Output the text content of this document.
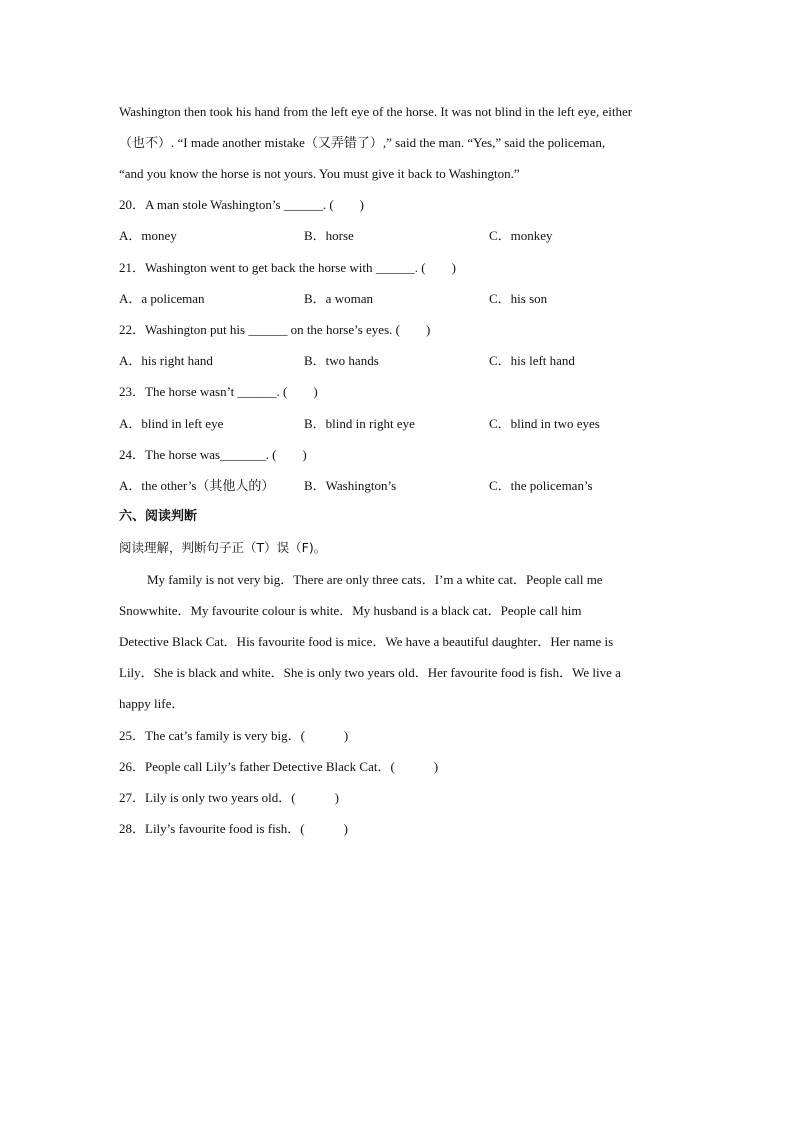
Washington then took his hand from the left eye of the horse. It was not blind in the left eye, either
（也不）. “I made another mistake（又弄错了）,” said the man. “Yes,” said the policeman,
“and you know the horse is not yours. You must give it back to Washington.”
20．A man stole Washington’s ______. (　　)
A．money	B．horse	C．monkey
21．Washington went to get back the horse with ______. (　　)
A．a policeman	B．a woman	C．his son
22．Washington put his ______ on the horse’s eyes. (　　)
A．his right hand	B．two hands	C．his left hand
23．The horse wasn’t ______. (　　)
A．blind in left eye	B．blind in right eye	C．blind in two eyes
24．The horse was_______. (　　)
A．the other’s（其他人的） B．Washington’s	C．the policeman’s
六、阅读判断
阅读理解，判断句子正（T）误（F)。
My family is not very big．There are only three cats．I’m a white cat．People call me
Snowwhite．My favourite colour is white．My husband is a black cat．People call him
Detective Black Cat．His favourite food is mice．We have a beautiful daughter．Her name is
Lily．She is black and white．She is only two years old．Her favourite food is fish．We live a
happy life．
25．The cat’s family is very big．(　　　)
26．People call Lily’s father Detective Black Cat．(　　　)
27．Lily is only two years old．(　　　)
28．Lily’s favourite food is fish．(　　　)
